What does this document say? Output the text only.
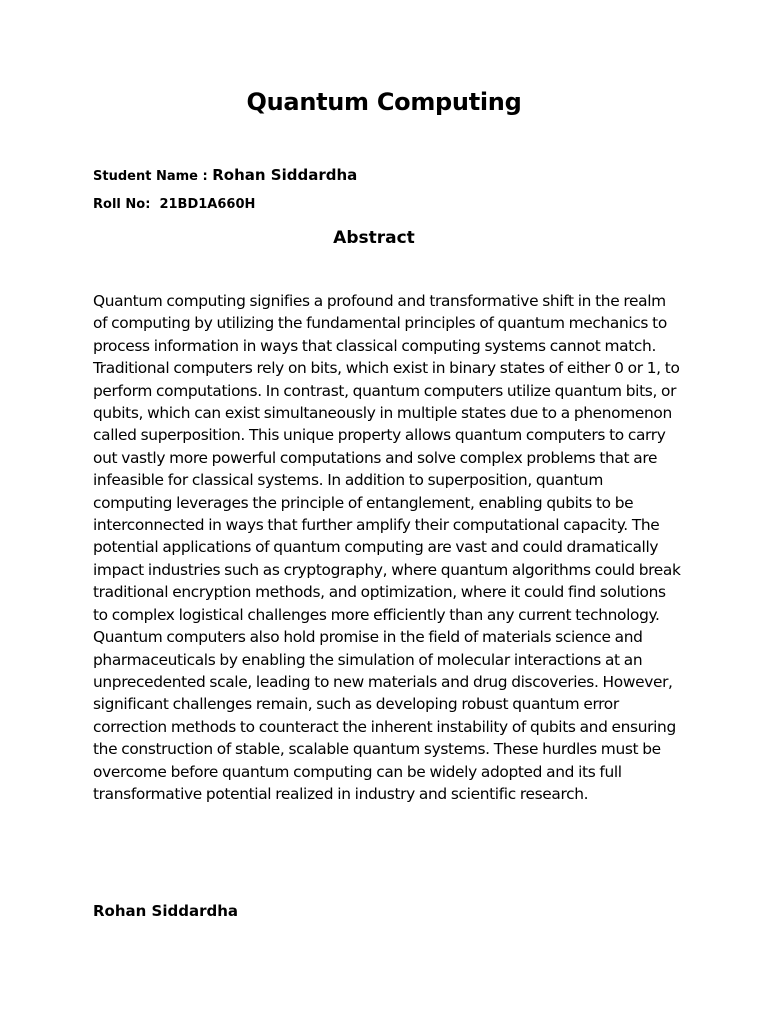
Quantum Computing
Student Name : Rohan Siddardha
Roll No:  21BD1A660H
Abstract
Quantum computing signifies a profound and transformative shift in the realm of computing by utilizing the fundamental principles of quantum mechanics to process information in ways that classical computing systems cannot match. Traditional computers rely on bits, which exist in binary states of either 0 or 1, to perform computations. In contrast, quantum computers utilize quantum bits, or qubits, which can exist simultaneously in multiple states due to a phenomenon called superposition. This unique property allows quantum computers to carry out vastly more powerful computations and solve complex problems that are infeasible for classical systems. In addition to superposition, quantum computing leverages the principle of entanglement, enabling qubits to be interconnected in ways that further amplify their computational capacity. The potential applications of quantum computing are vast and could dramatically impact industries such as cryptography, where quantum algorithms could break traditional encryption methods, and optimization, where it could find solutions to complex logistical challenges more efficiently than any current technology. Quantum computers also hold promise in the field of materials science and pharmaceuticals by enabling the simulation of molecular interactions at an unprecedented scale, leading to new materials and drug discoveries. However, significant challenges remain, such as developing robust quantum error correction methods to counteract the inherent instability of qubits and ensuring the construction of stable, scalable quantum systems. These hurdles must be overcome before quantum computing can be widely adopted and its full transformative potential realized in industry and scientific research.
Rohan Siddardha
